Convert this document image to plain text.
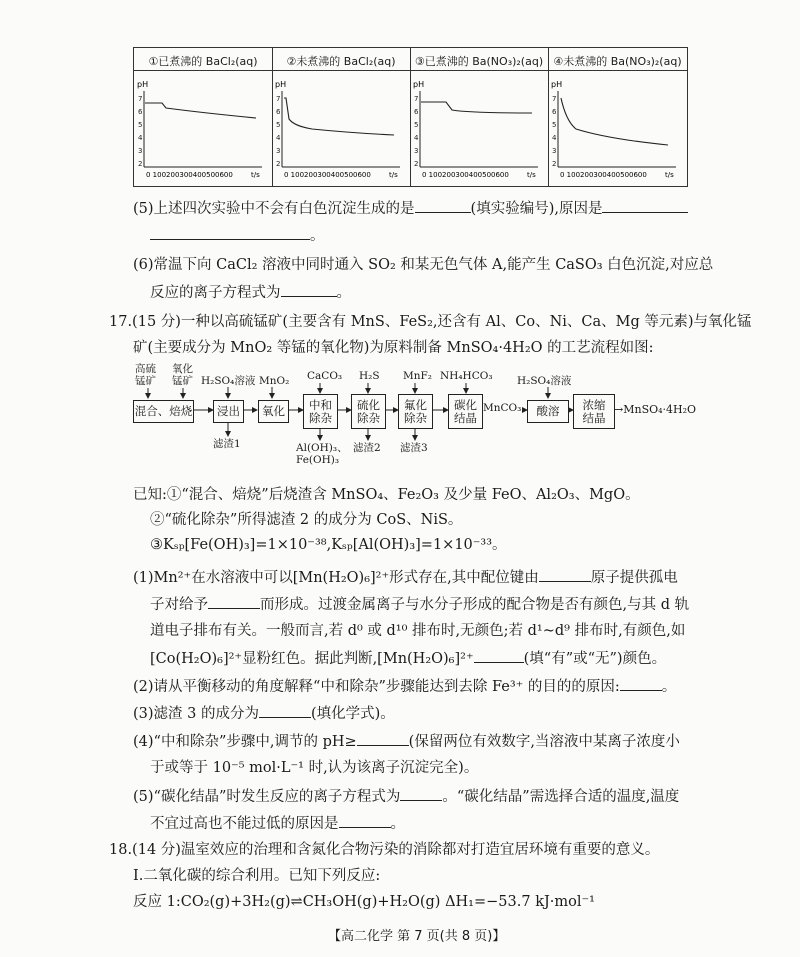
①已煮沸的 BaCl₂(aq)
pH
7
6
5
4
3
2
0 100200300400500600	t/s
②未煮沸的 BaCl₂(aq)
pH
7
6
5
4
3
2
0 100200300400500600	t/s
③已煮沸的 Ba(NO₃)₂(aq)
pH
7
6
5
4
3
2
0 100200300400500600	t/s
④未煮沸的 Ba(NO₃)₂(aq)
pH
7
6
5
4
3
2
0 100200300400500600	t/s
(5)上述四次实验中不会有白色沉淀生成的是	(填实验编号),原因是
。
(6)常温下向 CaCl₂ 溶液中同时通入 SO₂ 和某无色气体 A,能产生 CaSO₃ 白色沉淀,对应总
反应的离子方程式为	。
17.(15 分)一种以高硫锰矿(主要含有 MnS、FeS₂,还含有 Al、Co、Ni、Ca、Mg 等元素)与氧化锰
矿(主要成分为 MnO₂ 等锰的氧化物)为原料制备 MnSO₄·4H₂O 的工艺流程如图:
高硫
锰矿
氧化
锰矿 H₂SO₄溶液 MnO₂ CaCO₃ H₂S MnF₂ NH₄HCO₃ H₂SO₄溶液
混合、焙烧	浸出	氧化	中和
除杂
硫化
除杂
氟化
除杂
碳化
结晶
MnCO₃	酸溶	浓缩
结晶
→MnSO₄·4H₂O
滤渣1	Al(OH)₃、
Fe(OH)₃
滤渣2 滤渣3
已知:①“混合、焙烧”后烧渣含 MnSO₄、Fe₂O₃ 及少量 FeO、Al₂O₃、MgO。
②“硫化除杂”所得滤渣 2 的成分为 CoS、NiS。
③Kₛₚ[Fe(OH)₃]=1×10⁻³⁸,Kₛₚ[Al(OH)₃]=1×10⁻³³。
(1)Mn²⁺在水溶液中可以[Mn(H₂O)₆]²⁺形式存在,其中配位键由	原子提供孤电
子对给予	而形成。过渡金属离子与水分子形成的配合物是否有颜色,与其 d 轨
道电子排布有关。一般而言,若 d⁰ 或 d¹⁰ 排布时,无颜色;若 d¹~d⁹ 排布时,有颜色,如
[Co(H₂O)₆]²⁺显粉红色。据此判断,[Mn(H₂O)₆]²⁺	(填“有”或“无”)颜色。
(2)请从平衡移动的角度解释“中和除杂”步骤能达到去除 Fe³⁺ 的目的的原因:	。
(3)滤渣 3 的成分为	(填化学式)。
(4)“中和除杂”步骤中,调节的 pH≥	(保留两位有效数字,当溶液中某离子浓度小
于或等于 10⁻⁵ mol·L⁻¹ 时,认为该离子沉淀完全)。
(5)“碳化结晶”时发生反应的离子方程式为	。“碳化结晶”需选择合适的温度,温度
不宜过高也不能过低的原因是	。
18.(14 分)温室效应的治理和含氮化合物污染的消除都对打造宜居环境有重要的意义。
Ⅰ.二氧化碳的综合利用。已知下列反应:
反应 1:CO₂(g)+3H₂(g)⇌CH₃OH(g)+H₂O(g) ΔH₁=−53.7 kJ·mol⁻¹
【高二化学 第 7 页(共 8 页)】
